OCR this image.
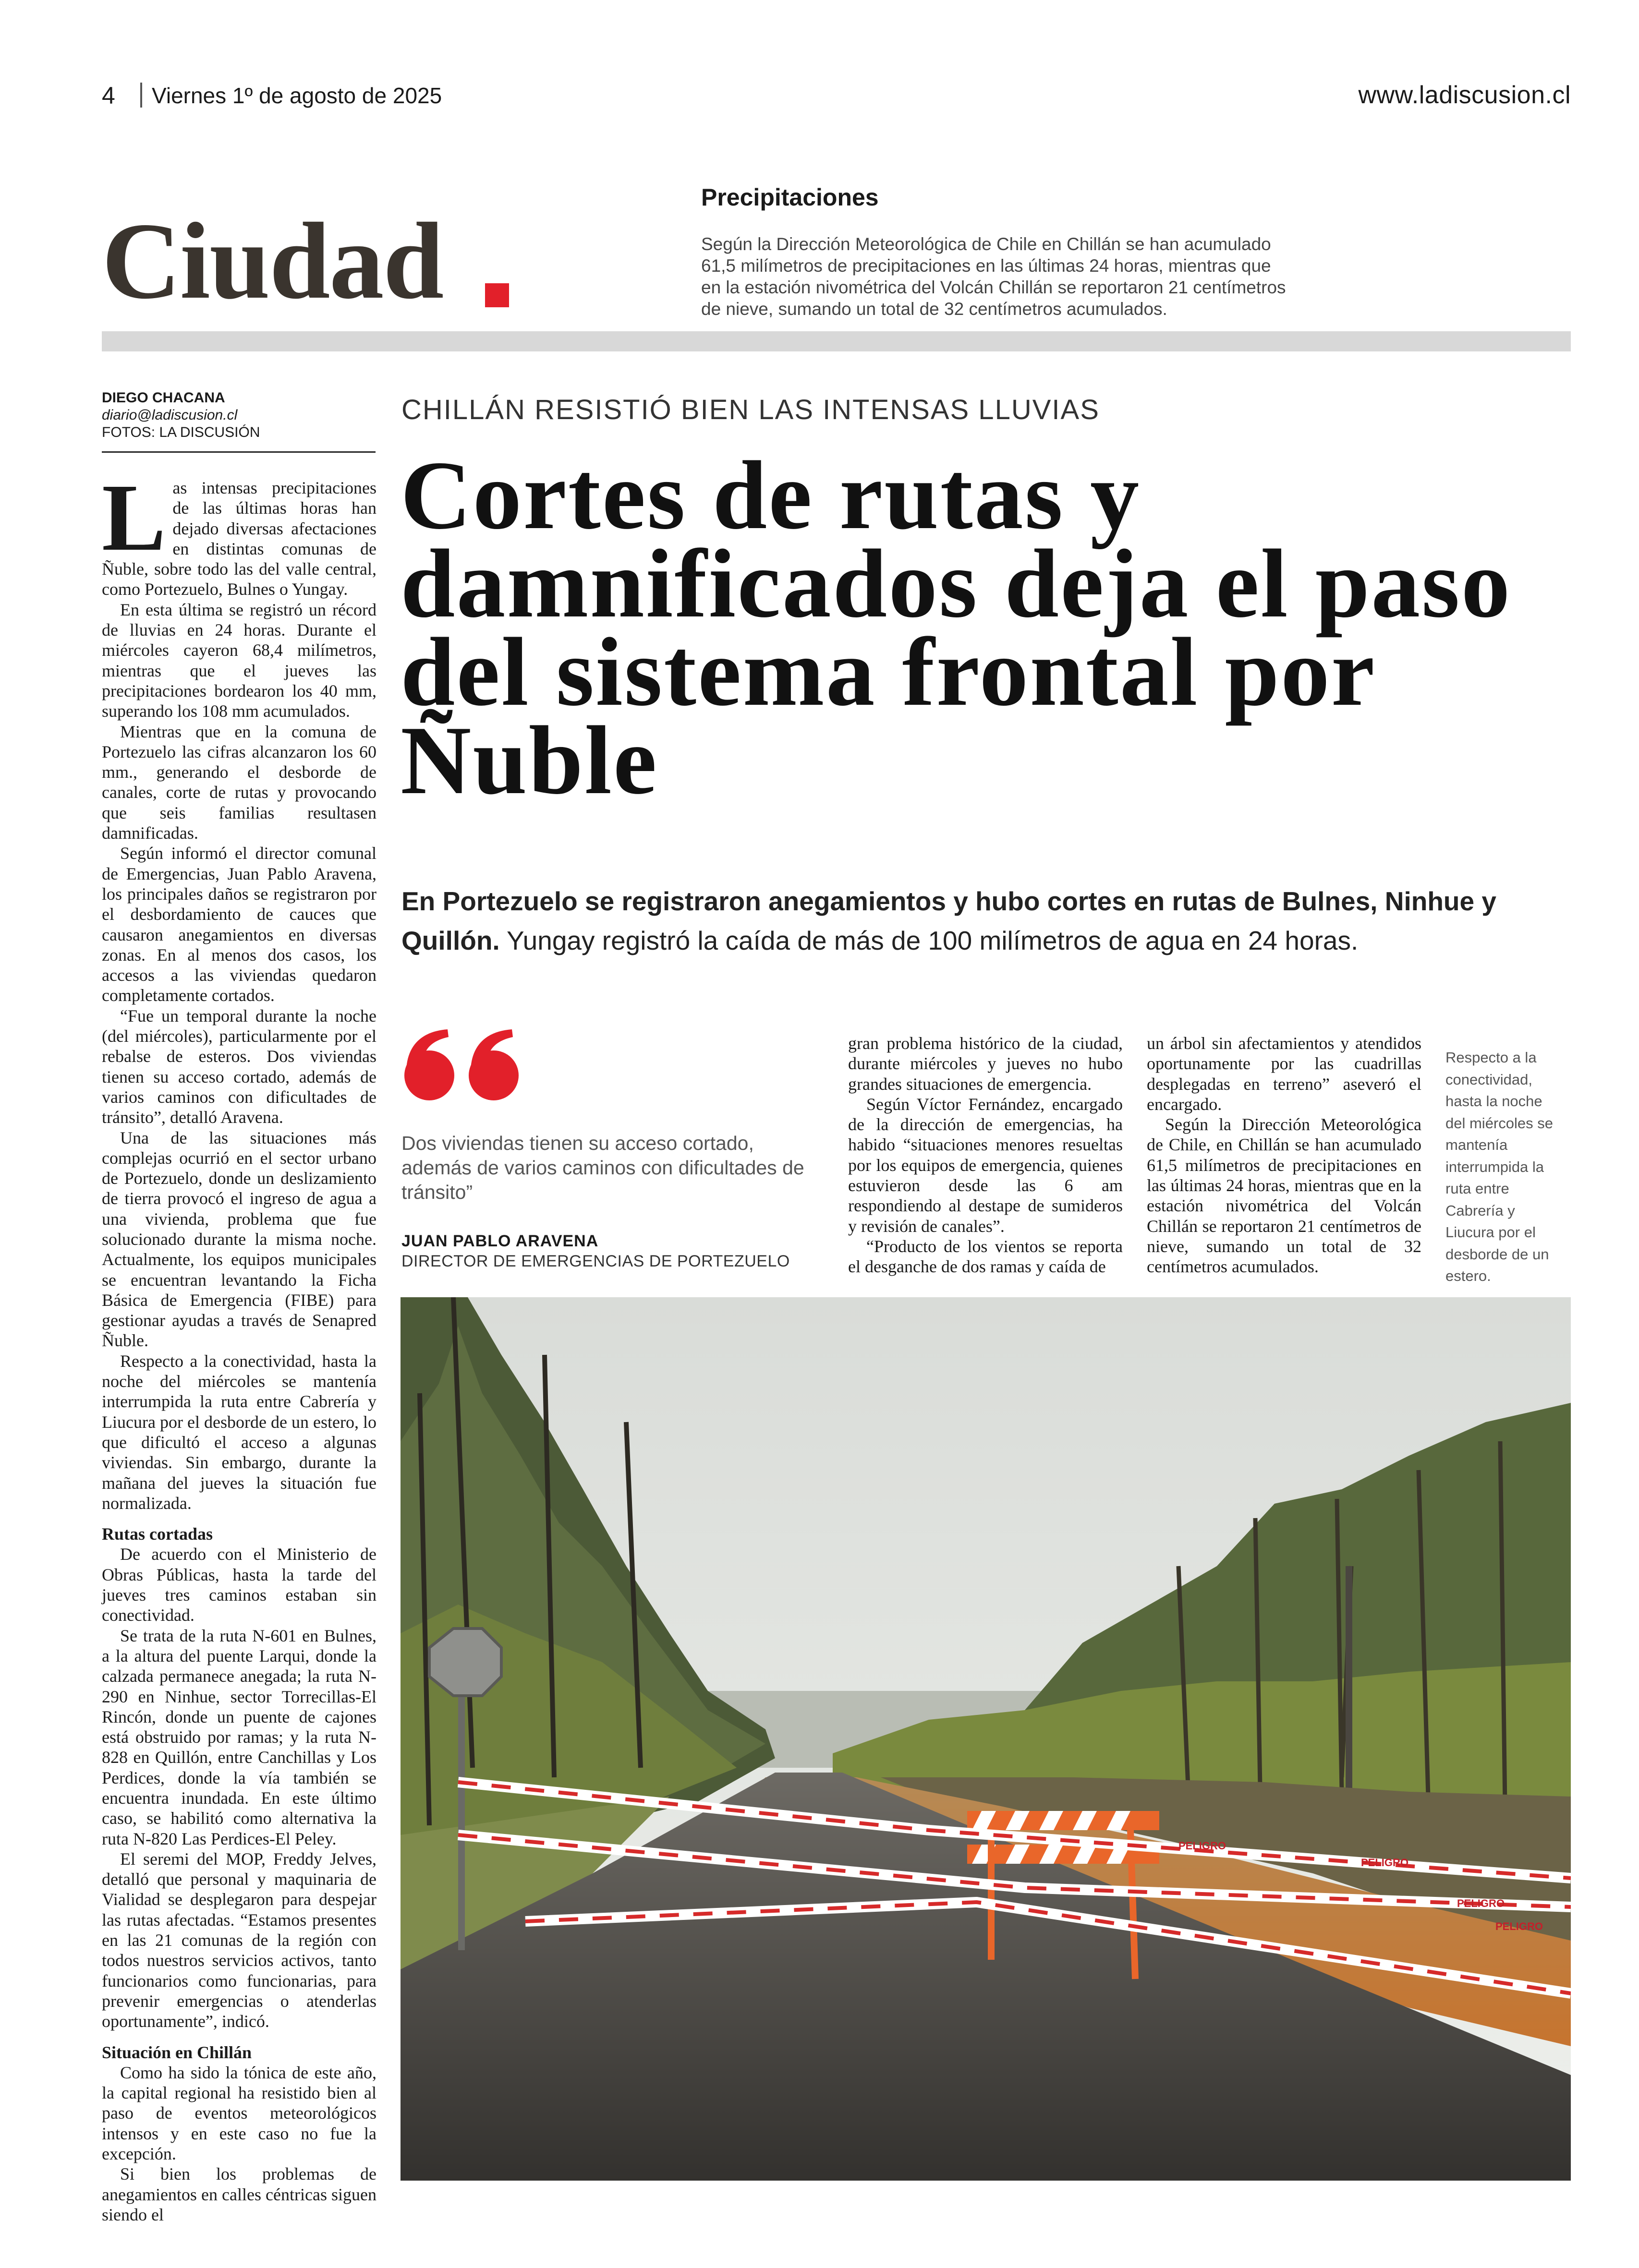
4 Viernes 1º de agosto de 2025	www.ladiscusion.cl
Ciudad
Precipitaciones
Según la Dirección Meteorológica de Chile en Chillán se han acumulado 61,5 milímetros de precipitaciones en las últimas 24 horas, mientras que en la estación nivométrica del Volcán Chillán se reportaron 21 centímetros de nieve, sumando un total de 32 centímetros acumulados.
DIEGO CHACANA
diario@ladiscusion.cl
FOTOS: LA DISCUSIÓN
L as intensas precipitaciones de las últimas horas han dejado diversas afectaciones en distintas comunas de Ñuble, sobre todo las del valle central, como Portezuelo, Bulnes o Yungay.

En esta última se registró un récord de lluvias en 24 horas. Durante el miércoles cayeron 68,4 milímetros, mientras que el jueves las precipitaciones bordearon los 40 mm, superando los 108 mm acumulados.

Mientras que en la comuna de Portezuelo las cifras alcanzaron los 60 mm., generando el desborde de canales, corte de rutas y provocando que seis familias resultasen damnificadas.

Según informó el director comunal de Emergencias, Juan Pablo Aravena, los principales daños se registraron por el desbordamiento de cauces que causaron anegamientos en diversas zonas. En al menos dos casos, los accesos a las viviendas quedaron completamente cortados.

“Fue un temporal durante la noche (del miércoles), particularmente por el rebalse de esteros. Dos viviendas tienen su acceso cortado, además de varios caminos con dificultades de tránsito”, detalló Aravena.

Una de las situaciones más complejas ocurrió en el sector urbano de Portezuelo, donde un deslizamiento de tierra provocó el ingreso de agua a una vivienda, problema que fue solucionado durante la misma noche. Actualmente, los equipos municipales se encuentran levantando la Ficha Básica de Emergencia (FIBE) para gestionar ayudas a través de Senapred Ñuble.

Respecto a la conectividad, hasta la noche del miércoles se mantenía interrumpida la ruta entre Cabrería y Liucura por el desborde de un estero, lo que dificultó el acceso a algunas viviendas. Sin embargo, durante la mañana del jueves la situación fue normalizada.

Rutas cortadas

De acuerdo con el Ministerio de Obras Públicas, hasta la tarde del jueves tres caminos estaban sin conectividad.

Se trata de la ruta N-601 en Bulnes, a la altura del puente Larqui, donde la calzada permanece anegada; la ruta N-290 en Ninhue, sector Torrecillas-El Rincón, donde un puente de cajones está obstruido por ramas; y la ruta N-828 en Quillón, entre Canchillas y Los Perdices, donde la vía también se encuentra inundada. En este último caso, se habilitó como alternativa la ruta N-820 Las Perdices-El Peley.

El seremi del MOP, Freddy Jelves, detalló que personal y maquinaria de Vialidad se desplegaron para despejar las rutas afectadas. “Estamos presentes en las 21 comunas de la región con todos nuestros servicios activos, tanto funcionarios como funcionarias, para prevenir emergencias o atenderlas oportunamente”, indicó.

Situación en Chillán

Como ha sido la tónica de este año, la capital regional ha resistido bien al paso de eventos meteorológicos intensos y en este caso no fue la excepción.

Si bien los problemas de anegamientos en calles céntricas siguen siendo el

CHILLÁN RESISTIÓ BIEN LAS INTENSAS LLUVIAS
Cortes de rutas y damnificados deja el paso del sistema frontal por Ñuble
En Portezuelo se registraron anegamientos y hubo cortes en rutas de Bulnes, Ninhue y Quillón. Yungay registró la caída de más de 100 milímetros de agua en 24 horas.
Dos viviendas tienen su acceso cortado, además de varios caminos con dificultades de tránsito”
JUAN PABLO ARAVENA
DIRECTOR DE EMERGENCIAS DE PORTEZUELO

gran problema histórico de la ciudad, durante miércoles y jueves no hubo grandes situaciones de emergencia.

Según Víctor Fernández, encargado de la dirección de emergencias, ha habido “situaciones menores resueltas por los equipos de emergencia, quienes estuvieron desde las 6 am respondiendo al destape de sumideros y revisión de canales”.

“Producto de los vientos se reporta el desganche de dos ramas y caída de

un árbol sin afectamientos y atendidos oportunamente por las cuadrillas desplegadas en terreno” aseveró el encargado.

Según la Dirección Meteorológica de Chile, en Chillán se han acumulado 61,5 milímetros de precipitaciones en las últimas 24 horas, mientras que en la estación nivométrica del Volcán Chillán se reportaron 21 centímetros de nieve, sumando un total de 32 centímetros acumulados.

Respecto a la conectividad, hasta la noche del miércoles se mantenía interrumpida la ruta entre Cabrería y Liucura por el desborde de un estero.
PELIGRO
PELIGRO
PELIGRO
PELIGRO
